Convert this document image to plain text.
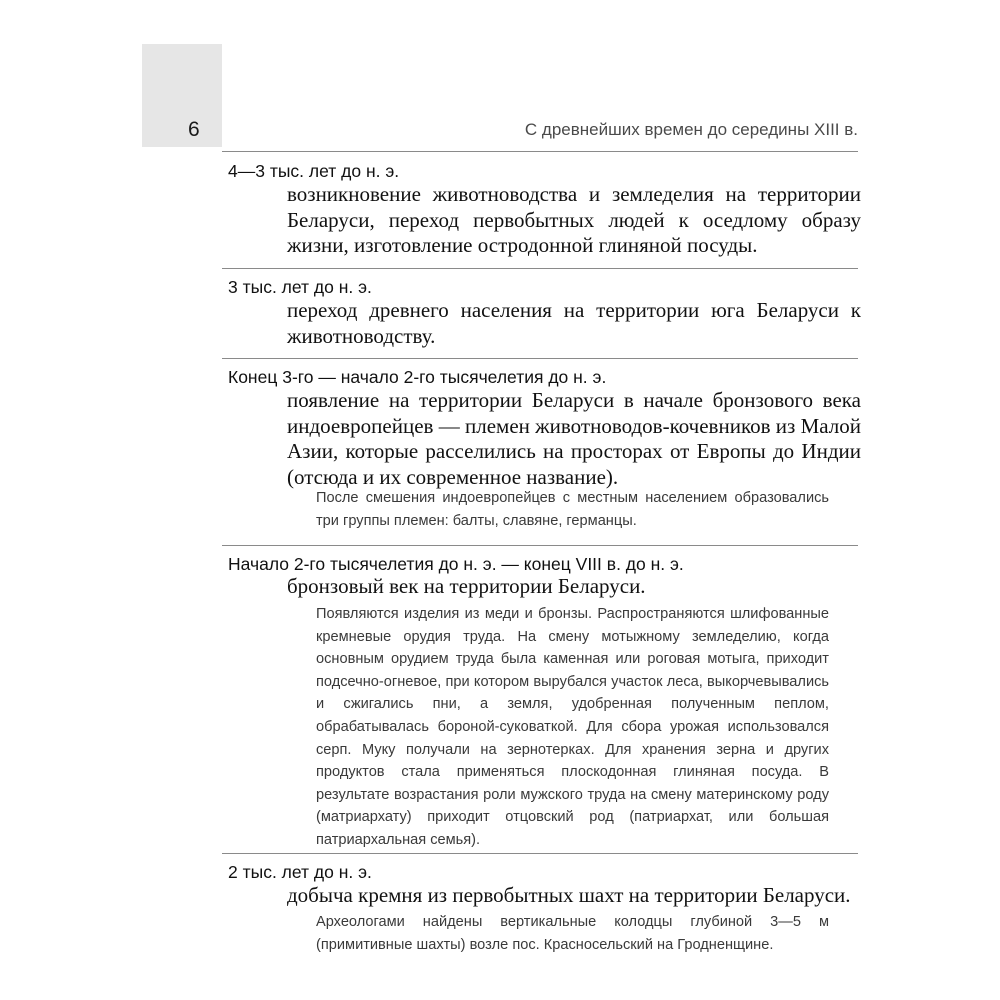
6	С древнейших времен до середины XIII в.
4—3 тыс. лет до н. э.
возникновение животноводства и земледелия на территории Беларуси, переход первобытных людей к оседлому образу жизни, изготовление остродонной глиняной посуды.
3 тыс. лет до н. э.
переход древнего населения на территории юга Беларуси к животноводству.
Конец 3-го — начало 2-го тысячелетия до н. э.
появление на территории Беларуси в начале бронзового века индоевропейцев — племен животноводов-кочевников из Малой Азии, которые расселились на просторах от Европы до Индии (отсюда и их современное название).
После смешения индоевропейцев с местным населением образовались три группы племен: балты, славяне, германцы.
Начало 2-го тысячелетия до н. э. — конец VIII в. до н. э.
бронзовый век на территории Беларуси.
Появляются изделия из меди и бронзы. Распространяются шлифованные кремневые орудия труда. На смену мотыжному земледелию, когда основным орудием труда была каменная или роговая мотыга, приходит подсечно-огневое, при котором вырубался участок леса, выкорчевывались и сжигались пни, а земля, удобренная полученным пеплом, обрабатывалась бороной-суковаткой. Для сбора урожая использовался серп. Муку получали на зернотерках. Для хранения зерна и других продуктов стала применяться плоскодонная глиняная посуда. В результате возрастания роли мужского труда на смену материнскому роду (матриархату) приходит отцовский род (патриархат, или большая патриархальная семья).
2 тыс. лет до н. э.
добыча кремня из первобытных шахт на территории Беларуси.
Археологами найдены вертикальные колодцы глубиной 3—5 м (примитивные шахты) возле пос. Красносельский на Гродненщине.
